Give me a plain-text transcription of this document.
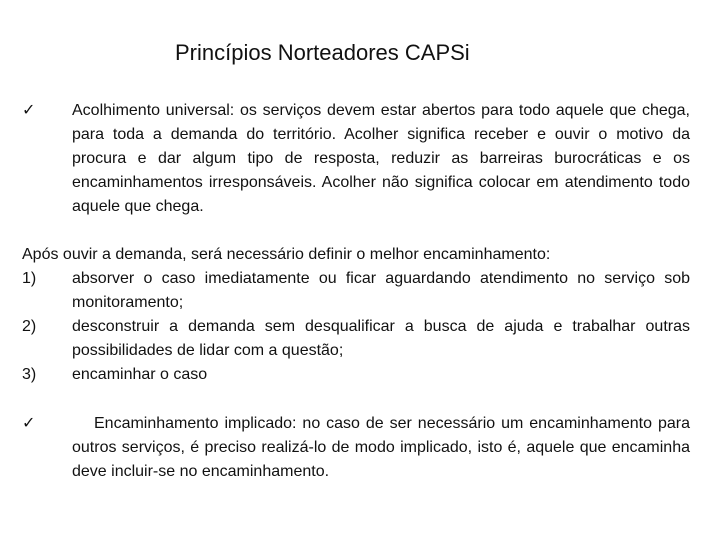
Princípios Norteadores CAPSi
✓	Acolhimento universal: os serviços devem estar abertos para todo aquele que chega, para toda a demanda do território. Acolher significa receber e ouvir o motivo da procura e dar algum tipo de resposta, reduzir as barreiras burocráticas e os encaminhamentos irresponsáveis. Acolher não significa colocar em atendimento todo aquele que chega.

Após ouvir a demanda, será necessário definir o melhor encaminhamento:

1) absorver o caso imediatamente ou ficar aguardando atendimento no serviço sob monitoramento;
2) desconstruir a demanda sem desqualificar a busca de ajuda e trabalhar outras possibilidades de lidar com a questão;
3) encaminhar o caso
✓	Encaminhamento implicado: no caso de ser necessário um encaminhamento para outros serviços, é preciso realizá-lo de modo implicado, isto é, aquele que encaminha deve incluir-se no encaminhamento.
